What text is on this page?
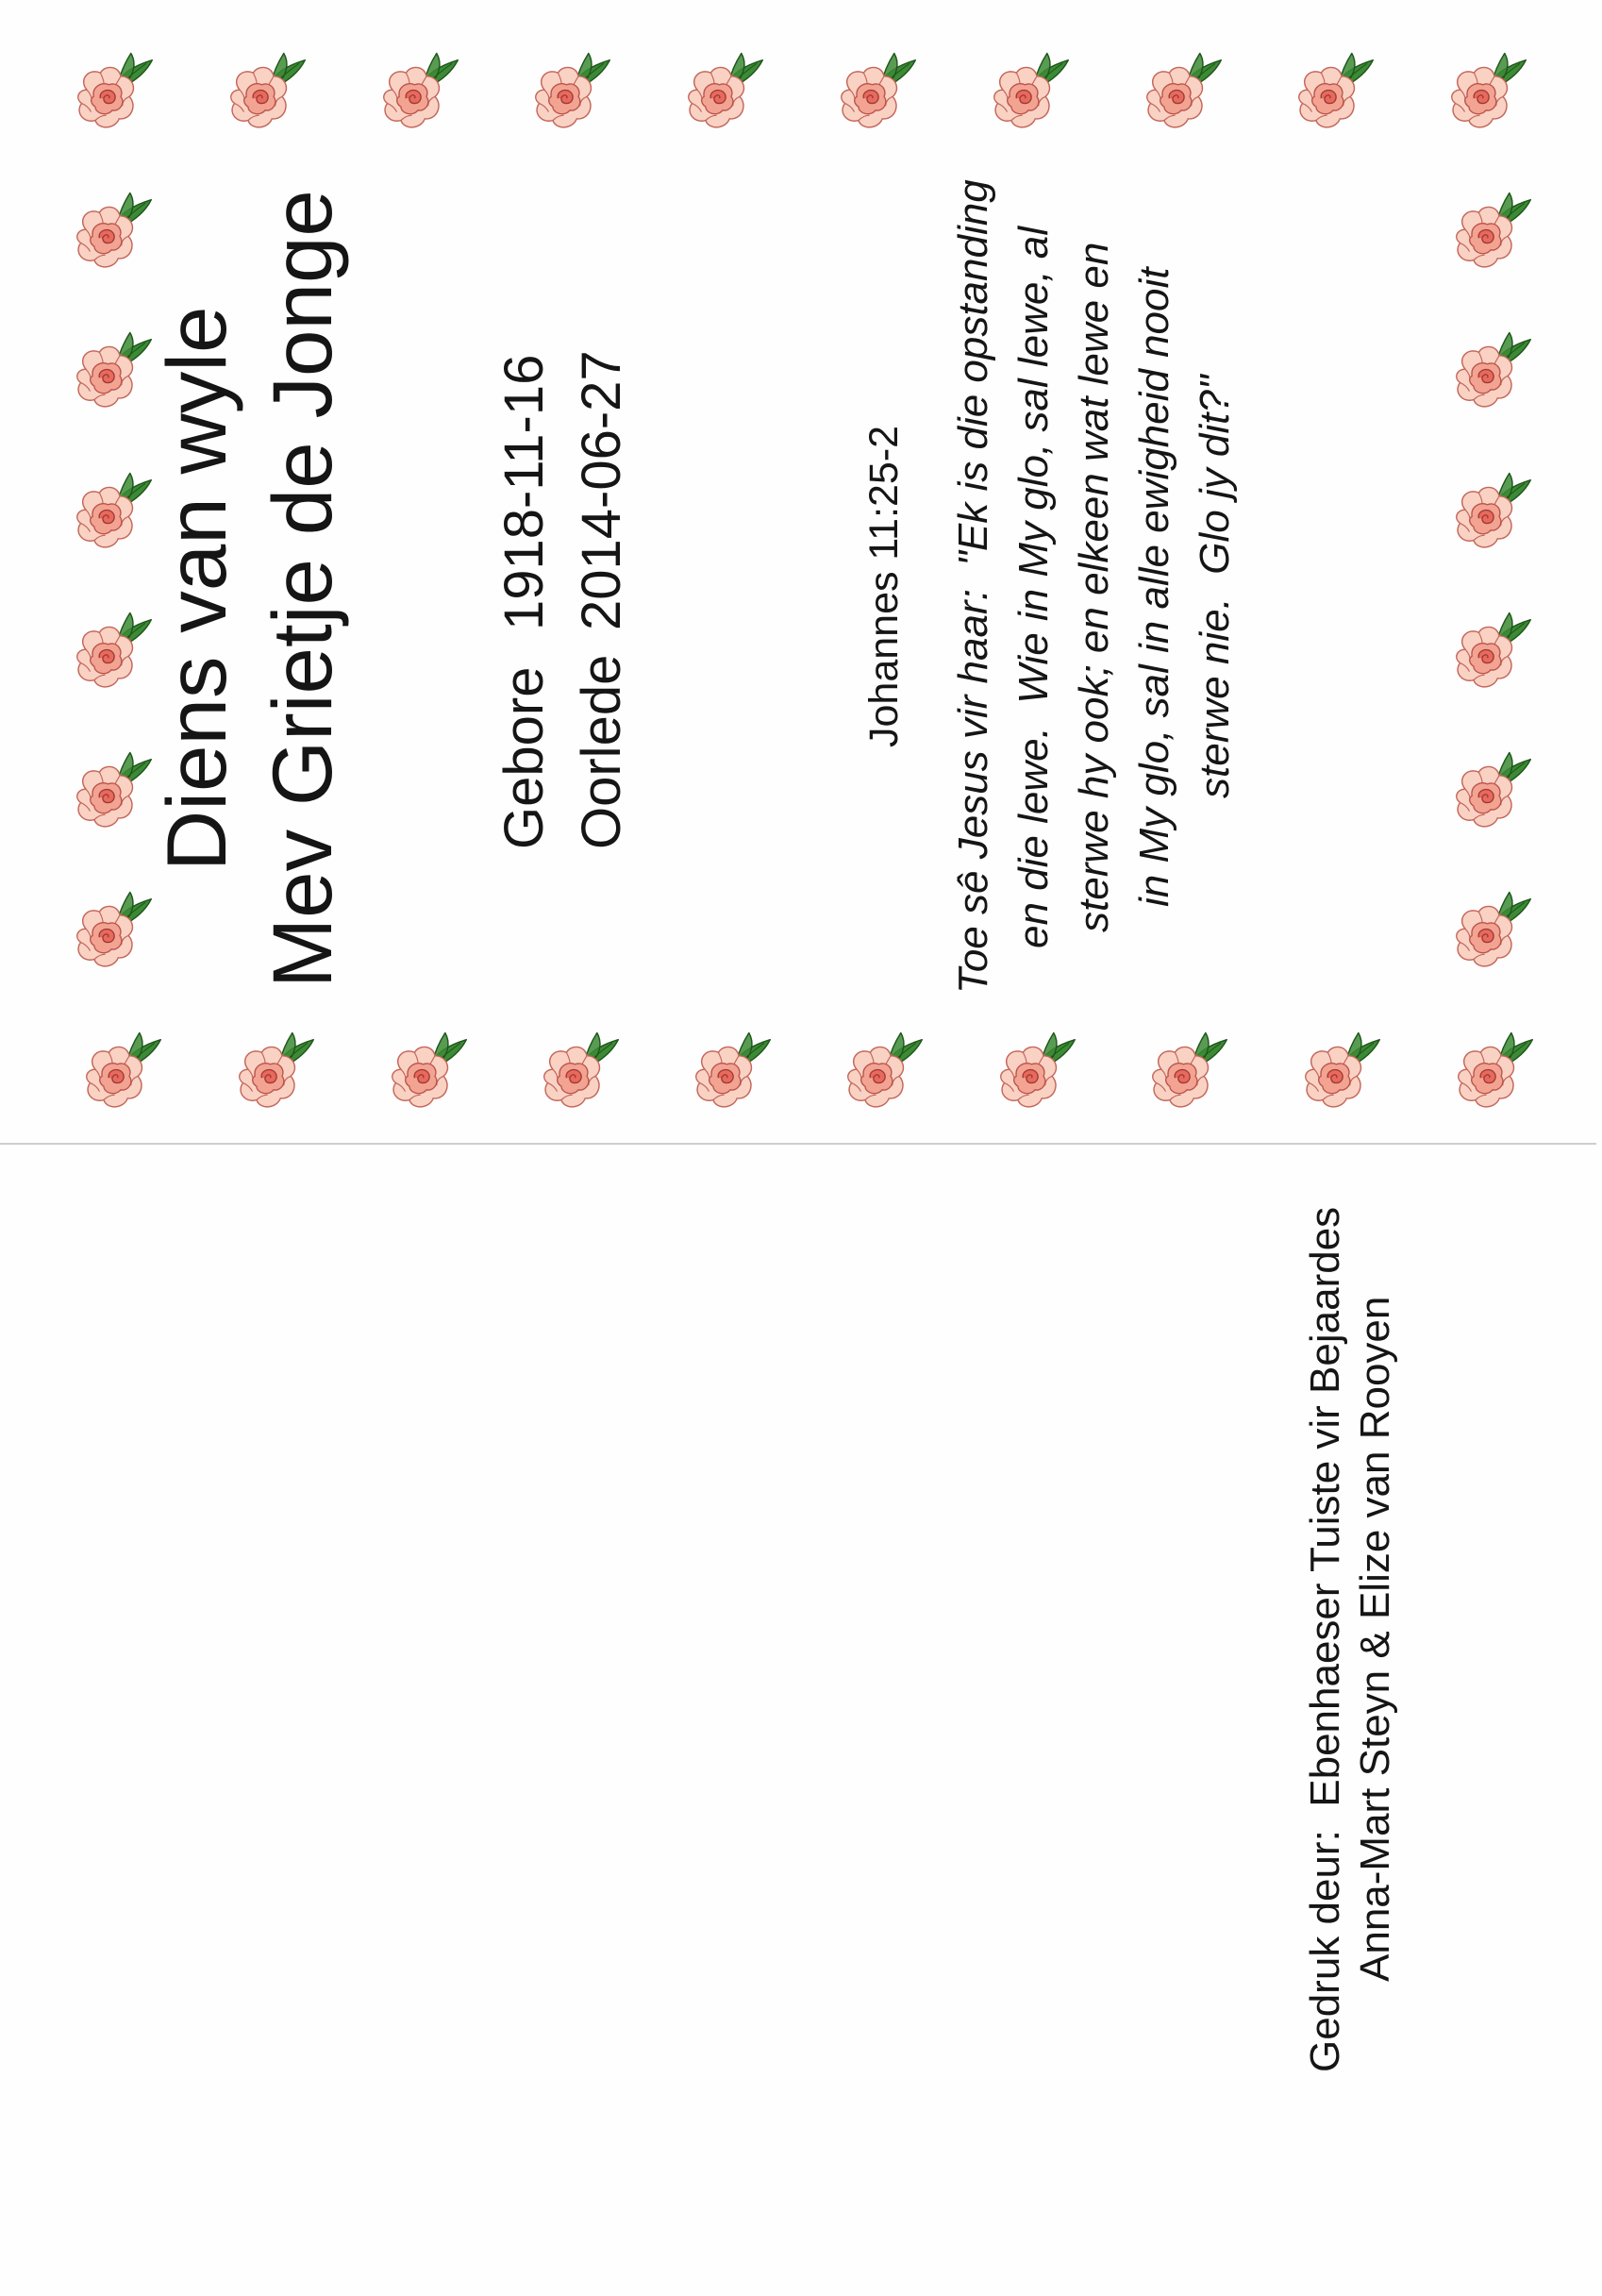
Diens van wyle Mev Grietje de Jonge	Gebore1918-11-16
Oorlede2014-06-27	Johannes 11:25-2 Toe sê Jesus vir haar:  "Ek is die opstanding en die lewe.  Wie in My glo, sal lewe, al sterwe hy ook; en elkeen wat lewe en in My glo, sal in alle ewigheid nooit sterwe nie.  Glo jy dit?"
Gedruk deur:  Ebenhaeser Tuiste vir Bejaardes Anna-Mart Steyn & Elize van Rooyen
